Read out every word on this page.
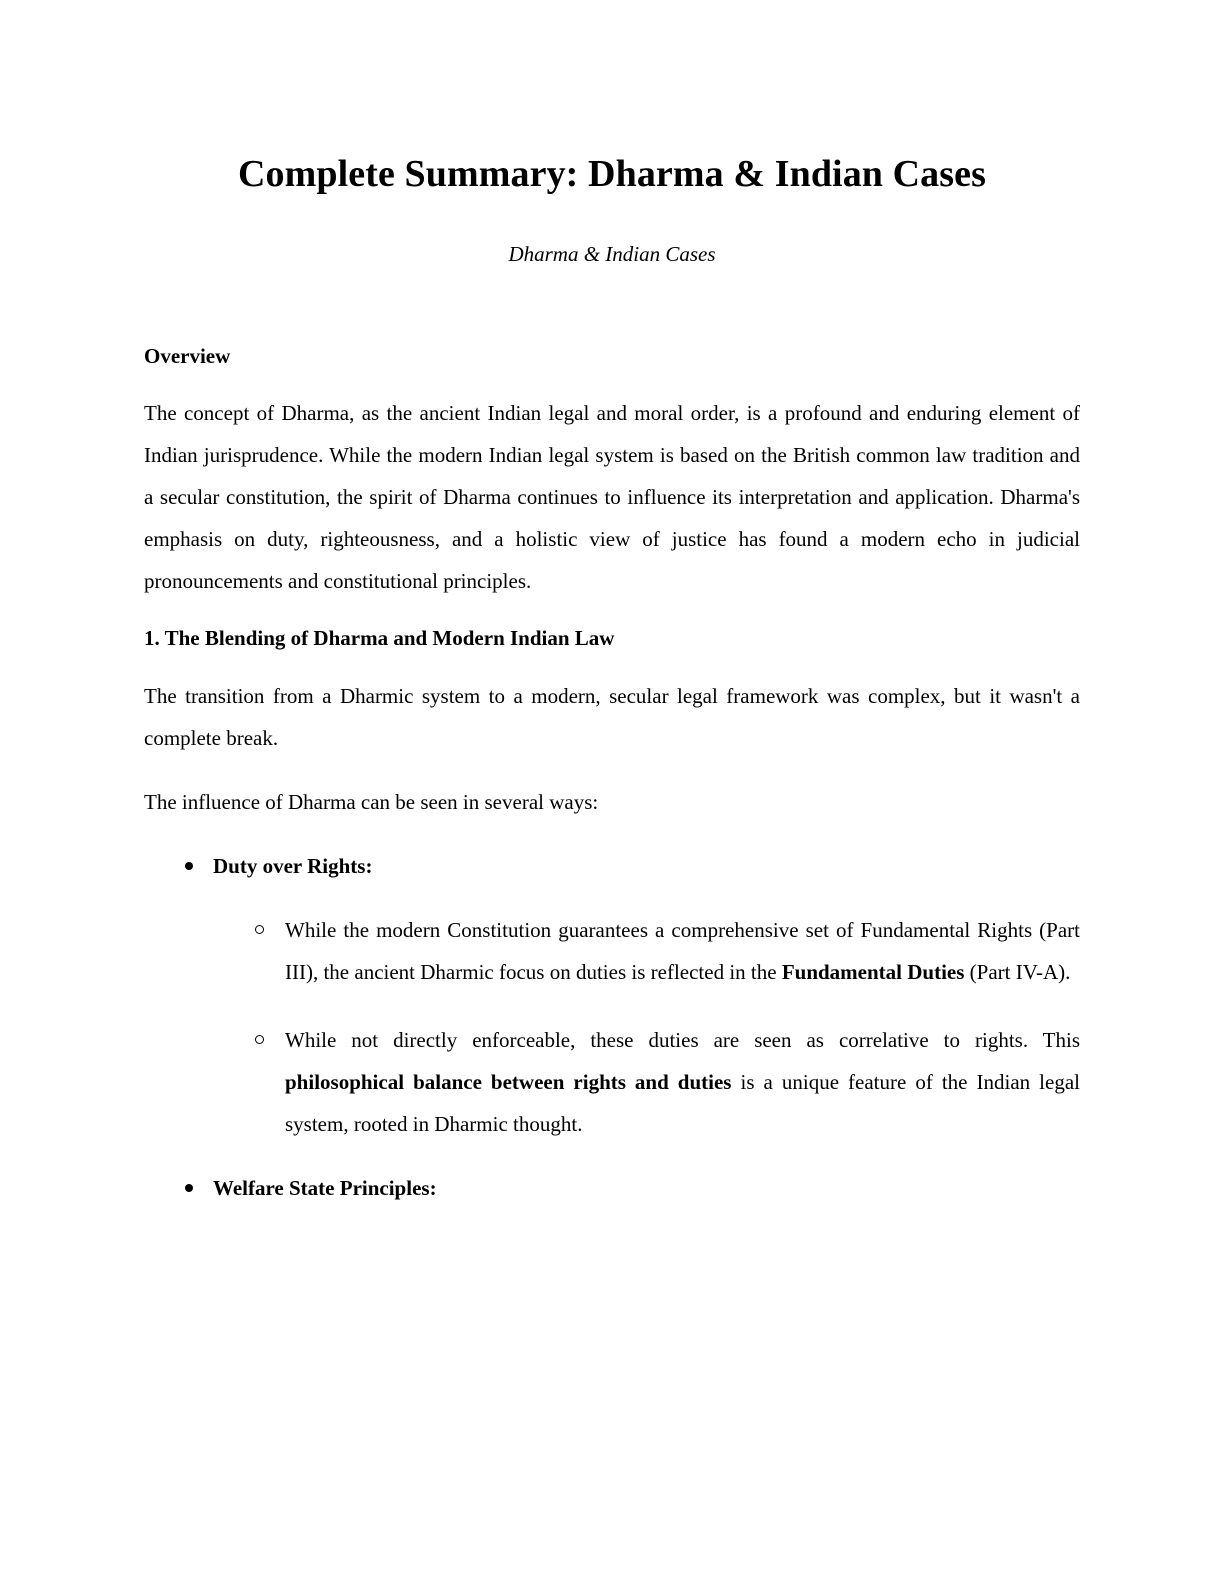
Complete Summary: Dharma & Indian Cases
Dharma & Indian Cases
Overview

The concept of Dharma, as the ancient Indian legal and moral order, is a profound and enduring element of Indian jurisprudence. While the modern Indian legal system is based on the British common law tradition and a secular constitution, the spirit of Dharma continues to influence its interpretation and application. Dharma's emphasis on duty, righteousness, and a holistic view of justice has found a modern echo in judicial pronouncements and constitutional principles.

1. The Blending of Dharma and Modern Indian Law

The transition from a Dharmic system to a modern, secular legal framework was complex, but it wasn't a complete break.

The influence of Dharma can be seen in several ways:

Duty over Rights:
While the modern Constitution guarantees a comprehensive set of Fundamental Rights (Part III), the ancient Dharmic focus on duties is reflected in the Fundamental Duties (Part IV-A).
While not directly enforceable, these duties are seen as correlative to rights. This philosophical balance between rights and duties is a unique feature of the Indian legal system, rooted in Dharmic thought.
Welfare State Principles:
